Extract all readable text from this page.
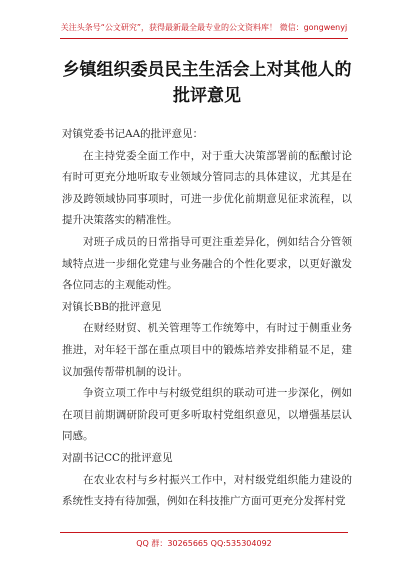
关注头条号“公文研究”，获得最新最全最专业的公文资料库！ 微信：gongwenyj
乡镇组织委员民主生活会上对其他人的批评意见

对镇党委书记AA的批评意见：

在主持党委全面工作中，对于重大决策部署前的酝酿讨论有时可更充分地听取专业领域分管同志的具体建议，尤其是在涉及跨领域协同事项时，可进一步优化前期意见征求流程，以提升决策落实的精准性。

对班子成员的日常指导可更注重差异化，例如结合分管领域特点进一步细化党建与业务融合的个性化要求，以更好激发各位同志的主观能动性。

对镇长BB的批评意见

在财经财贸、机关管理等工作统筹中，有时过于侧重业务推进，对年轻干部在重点项目中的锻炼培养安排稍显不足，建议加强传帮带机制的设计。

争资立项工作中与村级党组织的联动可进一步深化，例如在项目前期调研阶段可更多听取村党组织意见，以增强基层认同感。

对副书记CC的批评意见

在农业农村与乡村振兴工作中，对村级党组织能力建设的系统性支持有待加强，例如在科技推广方面可更充分发挥村党

QQ 群：30265665 QQ:535304092
